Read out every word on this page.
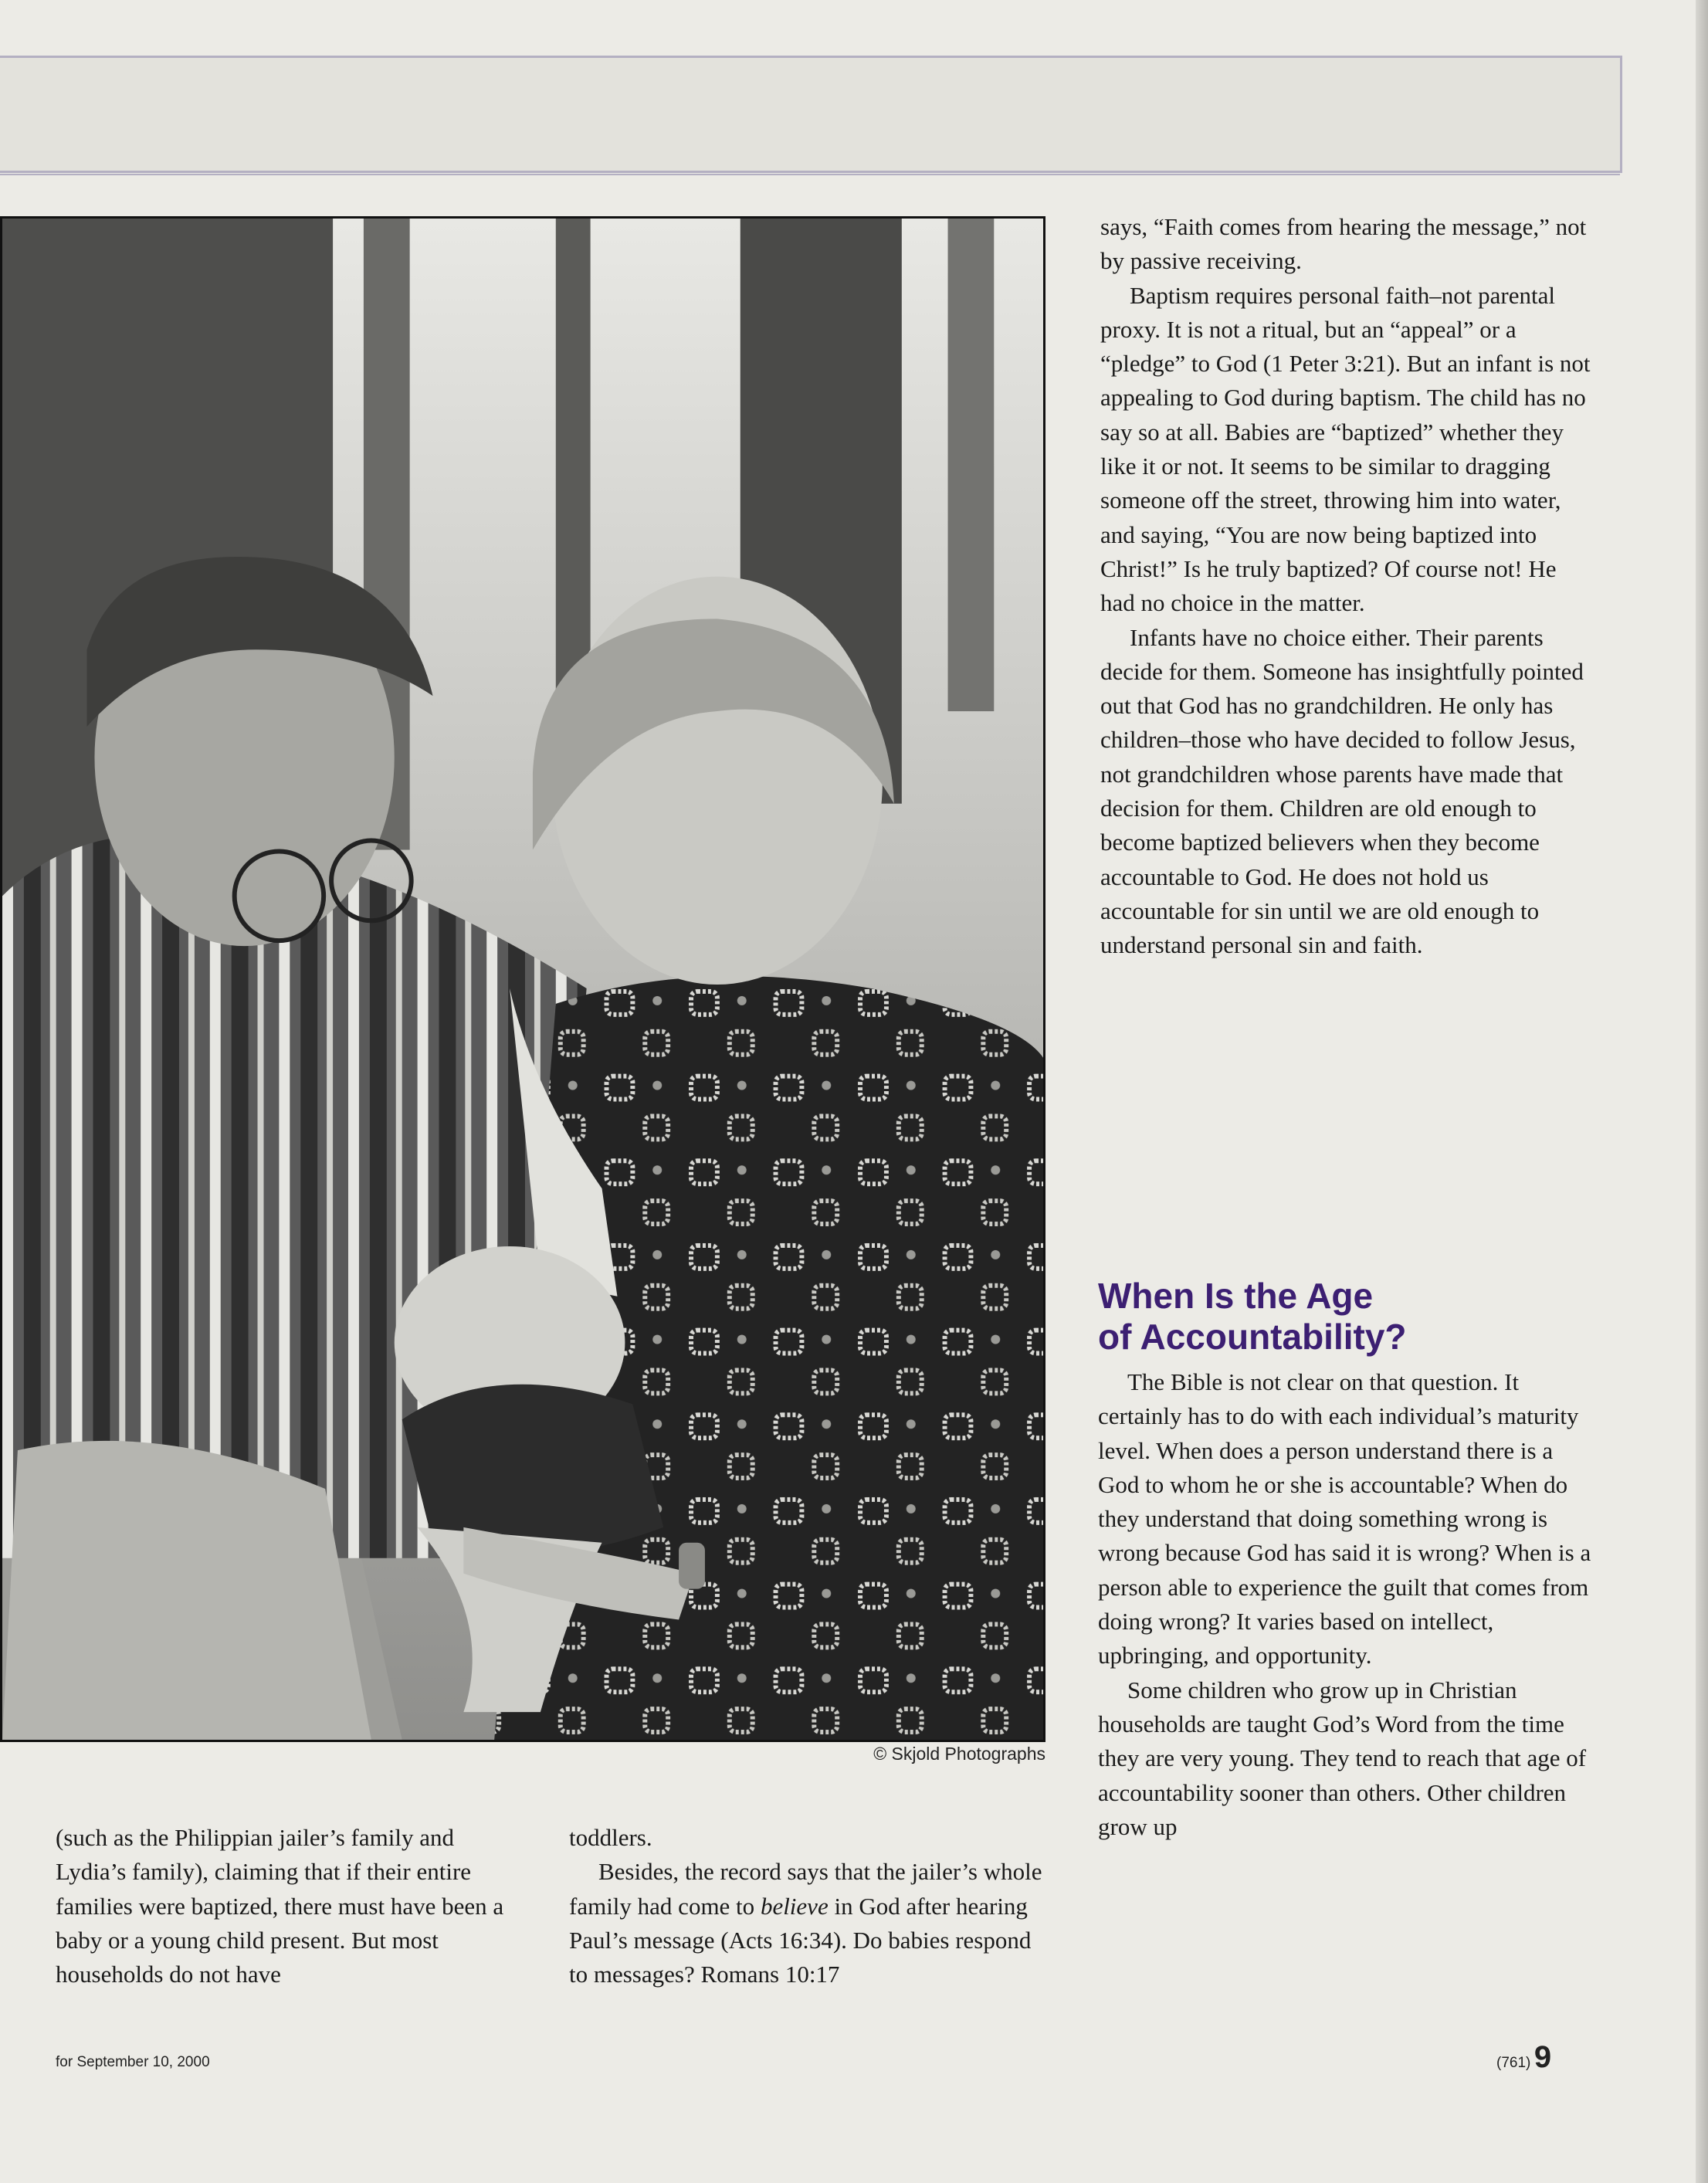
© Skjold Photographs

(such as the Philippian jailer’s family and Lydia’s family), claiming that if their entire families were baptized, there must have been a baby or a young child present. But most households do not have

toddlers.

Besides, the record says that the jailer’s whole family had come to believe in God after hearing Paul’s message (Acts 16:34). Do babies respond to messages? Romans 10:17

says, “Faith comes from hearing the message,” not by passive receiving.

Baptism requires personal faith–not parental proxy. It is not a ritual, but an “appeal” or a “pledge” to God (1 Peter 3:21). But an infant is not appealing to God during baptism. The child has no say so at all. Babies are “baptized” whether they like it or not. It seems to be similar to dragging someone off the street, throwing him into water, and saying, “You are now being baptized into Christ!” Is he truly baptized? Of course not! He had no choice in the matter.

Infants have no choice either. Their parents decide for them. Someone has insightfully pointed out that God has no grandchildren. He only has children–those who have decided to follow Jesus, not grandchildren whose parents have made that decision for them. Children are old enough to become baptized believers when they become accountable to God. He does not hold us accountable for sin until we are old enough to understand personal sin and faith.

When Is the Age
of Accountability?

The Bible is not clear on that question. It certainly has to do with each individual’s maturity level. When does a person understand there is a God to whom he or she is accountable? When do they understand that doing something wrong is wrong because God has said it is wrong? When is a person able to experience the guilt that comes from doing wrong? It varies based on intellect, upbringing, and opportunity.

Some children who grow up in Christian households are taught God’s Word from the time they are very young. They tend to reach that age of accountability sooner than others. Other children grow up

for September 10, 2000	(761) 9
